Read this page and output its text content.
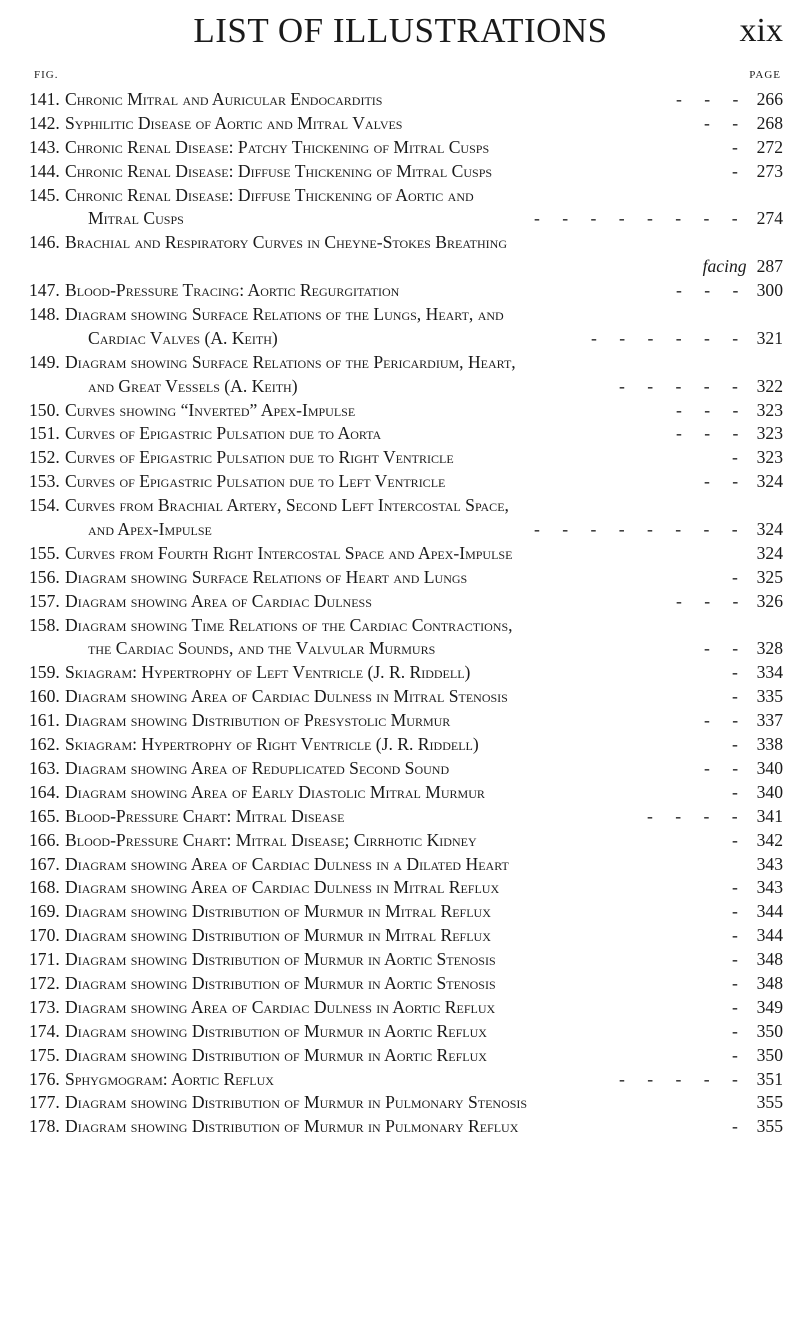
LIST OF ILLUSTRATIONS	xix
FIG.	PAGE
141. Chronic Mitral and Auricular Endocarditis	266
- - -
142. Syphilitic Disease of Aortic and Mitral Valves	268
- -
143. Chronic Renal Disease: Patchy Thickening of Mitral Cusps	272
-
144. Chronic Renal Disease: Diffuse Thickening of Mitral Cusps	273
-
145. Chronic Renal Disease: Diffuse Thickening of Aortic and
Mitral Cusps	274
- - - - - - - -
146. Brachial and Respiratory Curves in Cheyne-Stokes Breathing
facing 287
147. Blood-Pressure Tracing: Aortic Regurgitation	300
- - -
148. Diagram showing Surface Relations of the Lungs, Heart, and
Cardiac Valves (A. Keith)	321
- - - - - -
149. Diagram showing Surface Relations of the Pericardium, Heart,
and Great Vessels (A. Keith)	322
- - - - -
150. Curves showing “Inverted” Apex-Impulse	323
- - -
151. Curves of Epigastric Pulsation due to Aorta	323
- - -
152. Curves of Epigastric Pulsation due to Right Ventricle	323
-
153. Curves of Epigastric Pulsation due to Left Ventricle	324
- -
154. Curves from Brachial Artery, Second Left Intercostal Space,
and Apex-Impulse	324
- - - - - - - -
155. Curves from Fourth Right Intercostal Space and Apex-Impulse	324
156. Diagram showing Surface Relations of Heart and Lungs	325
-
157. Diagram showing Area of Cardiac Dulness	326
- - -
158. Diagram showing Time Relations of the Cardiac Contractions,
the Cardiac Sounds, and the Valvular Murmurs	328
- -
159. Skiagram: Hypertrophy of Left Ventricle (J. R. Riddell)	334
-
160. Diagram showing Area of Cardiac Dulness in Mitral Stenosis	335
-
161. Diagram showing Distribution of Presystolic Murmur	337
- -
162. Skiagram: Hypertrophy of Right Ventricle (J. R. Riddell)	338
-
163. Diagram showing Area of Reduplicated Second Sound	340
- -
164. Diagram showing Area of Early Diastolic Mitral Murmur	340
-
165. Blood-Pressure Chart: Mitral Disease	341
- - - -
166. Blood-Pressure Chart: Mitral Disease; Cirrhotic Kidney	342
-
167. Diagram showing Area of Cardiac Dulness in a Dilated Heart	343
168. Diagram showing Area of Cardiac Dulness in Mitral Reflux	343
-
169. Diagram showing Distribution of Murmur in Mitral Reflux	344
-
170. Diagram showing Distribution of Murmur in Mitral Reflux	344
-
171. Diagram showing Distribution of Murmur in Aortic Stenosis	348
-
172. Diagram showing Distribution of Murmur in Aortic Stenosis	348
-
173. Diagram showing Area of Cardiac Dulness in Aortic Reflux	349
-
174. Diagram showing Distribution of Murmur in Aortic Reflux	350
-
175. Diagram showing Distribution of Murmur in Aortic Reflux	350
-
176. Sphygmogram: Aortic Reflux	351
- - - - -
177. Diagram showing Distribution of Murmur in Pulmonary Stenosis	355
178. Diagram showing Distribution of Murmur in Pulmonary Reflux	355
-
